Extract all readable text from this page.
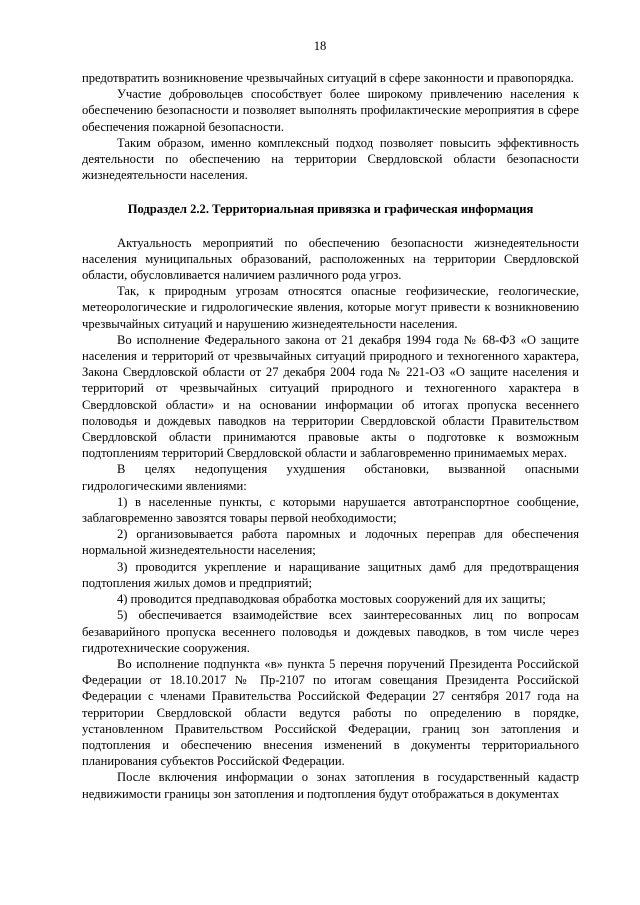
18

предотвратить возникновение чрезвычайных ситуаций в сфере законности и правопорядка.

Участие добровольцев способствует более широкому привлечению населения к обеспечению безопасности и позволяет выполнять профилактические мероприятия в сфере обеспечения пожарной безопасности.

Таким образом, именно комплексный подход позволяет повысить эффективность деятельности по обеспечению на территории Свердловской области безопасности жизнедеятельности населения.

Подраздел 2.2. Территориальная привязка и графическая информация

Актуальность мероприятий по обеспечению безопасности жизнедеятельности населения муниципальных образований, расположенных на территории Свердловской области, обусловливается наличием различного рода угроз.

Так, к природным угрозам относятся опасные геофизические, геологические, метеорологические и гидрологические явления, которые могут привести к возникновению чрезвычайных ситуаций и нарушению жизнедеятельности населения.

Во исполнение Федерального закона от 21 декабря 1994 года № 68-ФЗ «О защите населения и территорий от чрезвычайных ситуаций природного и техногенного характера, Закона Свердловской области от 27 декабря 2004 года № 221-ОЗ «О защите населения и территорий от чрезвычайных ситуаций природного и техногенного характера в Свердловской области» и на основании информации об итогах пропуска весеннего половодья и дождевых паводков на территории Свердловской области Правительством Свердловской области принимаются правовые акты о подготовке к возможным подтоплениям территорий Свердловской области и заблаговременно принимаемых мерах.

В целях недопущения ухудшения обстановки, вызванной опасными гидрологическими явлениями:

1) в населенные пункты, с которыми нарушается автотранспортное сообщение, заблаговременно завозятся товары первой необходимости;

2) организовывается работа паромных и лодочных переправ для обеспечения нормальной жизнедеятельности населения;

3) проводится укрепление и наращивание защитных дамб для предотвращения подтопления жилых домов и предприятий;

4) проводится предпаводковая обработка мостовых сооружений для их защиты;

5) обеспечивается взаимодействие всех заинтересованных лиц по вопросам безаварийного пропуска весеннего половодья и дождевых паводков, в том числе через гидротехнические сооружения.

Во исполнение подпункта «в» пункта 5 перечня поручений Президента Российской Федерации от 18.10.2017 № Пр-2107 по итогам совещания Президента Российской Федерации с членами Правительства Российской Федерации 27 сентября 2017 года на территории Свердловской области ведутся работы по определению в порядке, установленном Правительством Российской Федерации, границ зон затопления и подтопления и обеспечению внесения изменений в документы территориального планирования субъектов Российской Федерации.

После включения информации о зонах затопления в государственный кадастр недвижимости границы зон затопления и подтопления будут отображаться в документах
